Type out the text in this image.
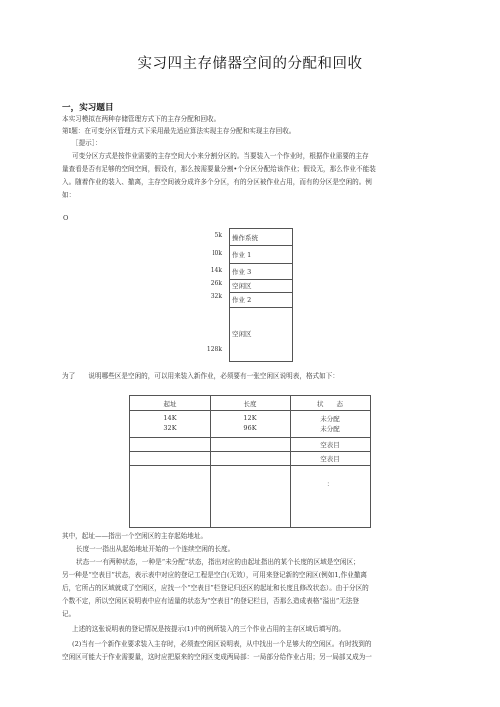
实习四主存储器空间的分配和回收
一，实习题目
本实习模拟在两种存储管理方式下的主存分配和回收。
第Ⅰ题：在可变分区管理方式下采用最先适应算法实现主存分配和实现主存回收。
［提示］：
可变分区方式是按作业需要的主存空间大小来分割分区的。当要装入一个作业时，根据作业需要的主存
量查看是否有足够的空间空间，假设有，那么按需要量分割•个分区分配给该作业；假设无，那么作业不能装
入。随着作业的装入、撤离，主存空间被分成许多个分区，有的分区被作业占用，而有的分区是空闲的。例
如：
O
5k
l0k
14k
26k
32k
128k
操作系统
作业 1
作业 3
空闲区
作业 2
空闲区
为了　　说明哪些区是空闲的，可以用来装入新作业，必须要有一张空闲区说明表，格式如下：
起址	长度	状　　态
14K	12K	未分配
32K	96K	未分配
空表目
空表目
：
其中，起址——指出一个空闲区的主存起始地址。
长度一一指出从起始地址开始的一个连续空闲的长度。
状态一一有两种状态，一种是“未分配”状态，指出对应的由起址指出的某个长度的区域是空闲区；
另一种是“空表目”状态，表示表中对应的登记工程是空白(无效），可用来登记新的空闲区(例如1,作业撤离
后，它所占的区域就成了空闲区，应找一个“空表目”栏登记归还区的起址和长度且修改状态）。由于分区的
个数不定，所以空闲区说明表中应有适量的状态为“空表目”的登记栏目，否那么造成表格“溢出”无法登
记。
上述的这张说明表的登记情况是按提示(1)中的例所装入的三个作业占用的主存区域后填写的。
(2)当有一个新作业要求装入主存时，必须查空闲区说明表，从中找出一个足够大的空闲区。有时找到的
空闲区可能大于作业需要量，这时应把原来的空闲区变成两局部：一局部分给作业占用；另一局部又成为一
